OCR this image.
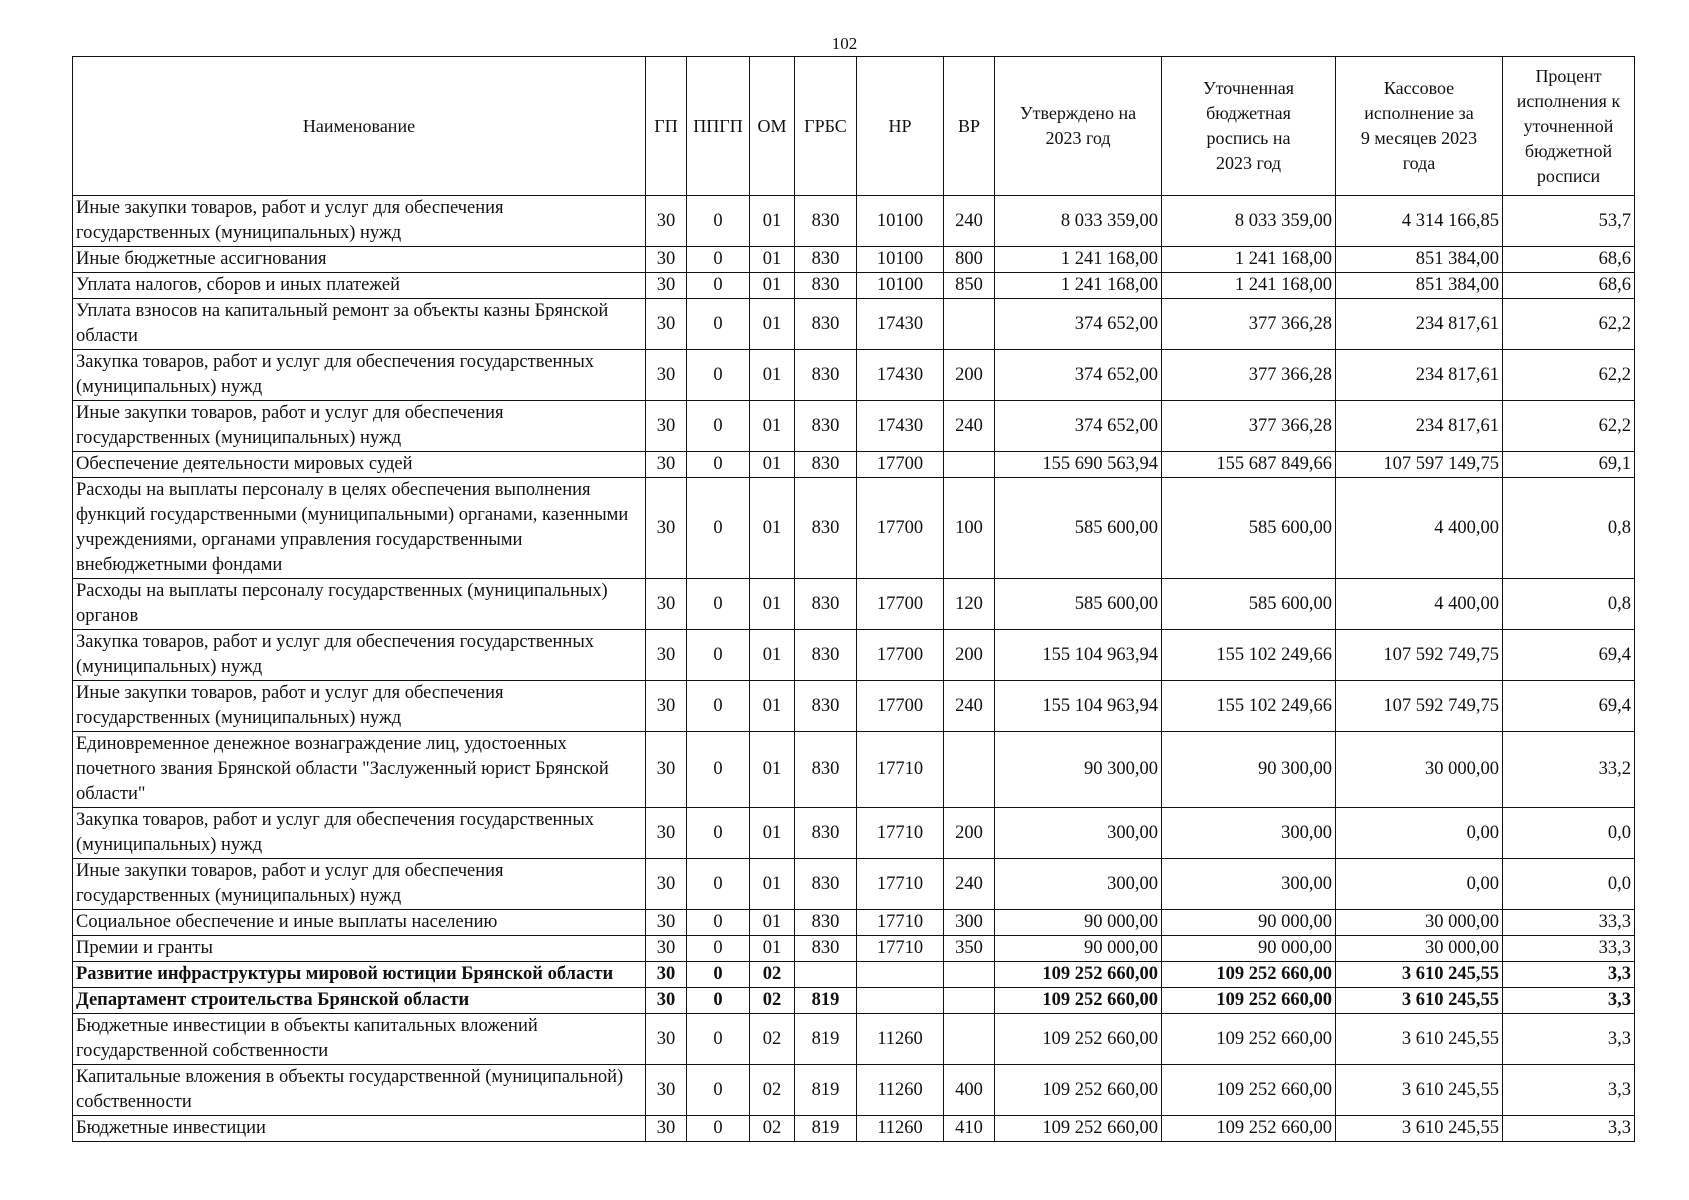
102
Наименование	ГП	ППГП	ОМ	ГРБС	НР	ВР	Утверждено на 2023 год	Уточненная бюджетная роспись на 2023 год	Кассовое исполнение за 9 месяцев 2023 года	Процент исполнения к уточненной бюджетной росписи
Иные закупки товаров, работ и услуг для обеспечения государственных (муниципальных) нужд	30	0	01	830	10100	240	8 033 359,00	8 033 359,00	4 314 166,85	53,7
Иные бюджетные ассигнования	30	0	01	830	10100	800	1 241 168,00	1 241 168,00	851 384,00	68,6
Уплата налогов, сборов и иных платежей	30	0	01	830	10100	850	1 241 168,00	1 241 168,00	851 384,00	68,6
Уплата взносов на капитальный ремонт за объекты казны Брянской области	30	0	01	830	17430		374 652,00	377 366,28	234 817,61	62,2
Закупка товаров, работ и услуг для обеспечения государственных (муниципальных) нужд	30	0	01	830	17430	200	374 652,00	377 366,28	234 817,61	62,2
Иные закупки товаров, работ и услуг для обеспечения государственных (муниципальных) нужд	30	0	01	830	17430	240	374 652,00	377 366,28	234 817,61	62,2
Обеспечение деятельности мировых судей	30	0	01	830	17700		155 690 563,94	155 687 849,66	107 597 149,75	69,1
Расходы на выплаты персоналу в целях обеспечения выполнения функций государственными (муниципальными) органами, казенными учреждениями, органами управления государственными внебюджетными фондами	30	0	01	830	17700	100	585 600,00	585 600,00	4 400,00	0,8
Расходы на выплаты персоналу государственных (муниципальных) органов	30	0	01	830	17700	120	585 600,00	585 600,00	4 400,00	0,8
Закупка товаров, работ и услуг для обеспечения государственных (муниципальных) нужд	30	0	01	830	17700	200	155 104 963,94	155 102 249,66	107 592 749,75	69,4
Иные закупки товаров, работ и услуг для обеспечения государственных (муниципальных) нужд	30	0	01	830	17700	240	155 104 963,94	155 102 249,66	107 592 749,75	69,4
Единовременное денежное вознаграждение лиц, удостоенных почетного звания Брянской области "Заслуженный юрист Брянской области"	30	0	01	830	17710		90 300,00	90 300,00	30 000,00	33,2
Закупка товаров, работ и услуг для обеспечения государственных (муниципальных) нужд	30	0	01	830	17710	200	300,00	300,00	0,00	0,0
Иные закупки товаров, работ и услуг для обеспечения государственных (муниципальных) нужд	30	0	01	830	17710	240	300,00	300,00	0,00	0,0
Социальное обеспечение и иные выплаты населению	30	0	01	830	17710	300	90 000,00	90 000,00	30 000,00	33,3
Премии и гранты	30	0	01	830	17710	350	90 000,00	90 000,00	30 000,00	33,3
Развитие инфраструктуры мировой юстиции Брянской области	30	0	02				109 252 660,00	109 252 660,00	3 610 245,55	3,3
Департамент строительства Брянской области	30	0	02	819			109 252 660,00	109 252 660,00	3 610 245,55	3,3
Бюджетные инвестиции в объекты капитальных вложений государственной собственности	30	0	02	819	11260		109 252 660,00	109 252 660,00	3 610 245,55	3,3
Капитальные вложения в объекты государственной (муниципальной) собственности	30	0	02	819	11260	400	109 252 660,00	109 252 660,00	3 610 245,55	3,3
Бюджетные инвестиции	30	0	02	819	11260	410	109 252 660,00	109 252 660,00	3 610 245,55	3,3
